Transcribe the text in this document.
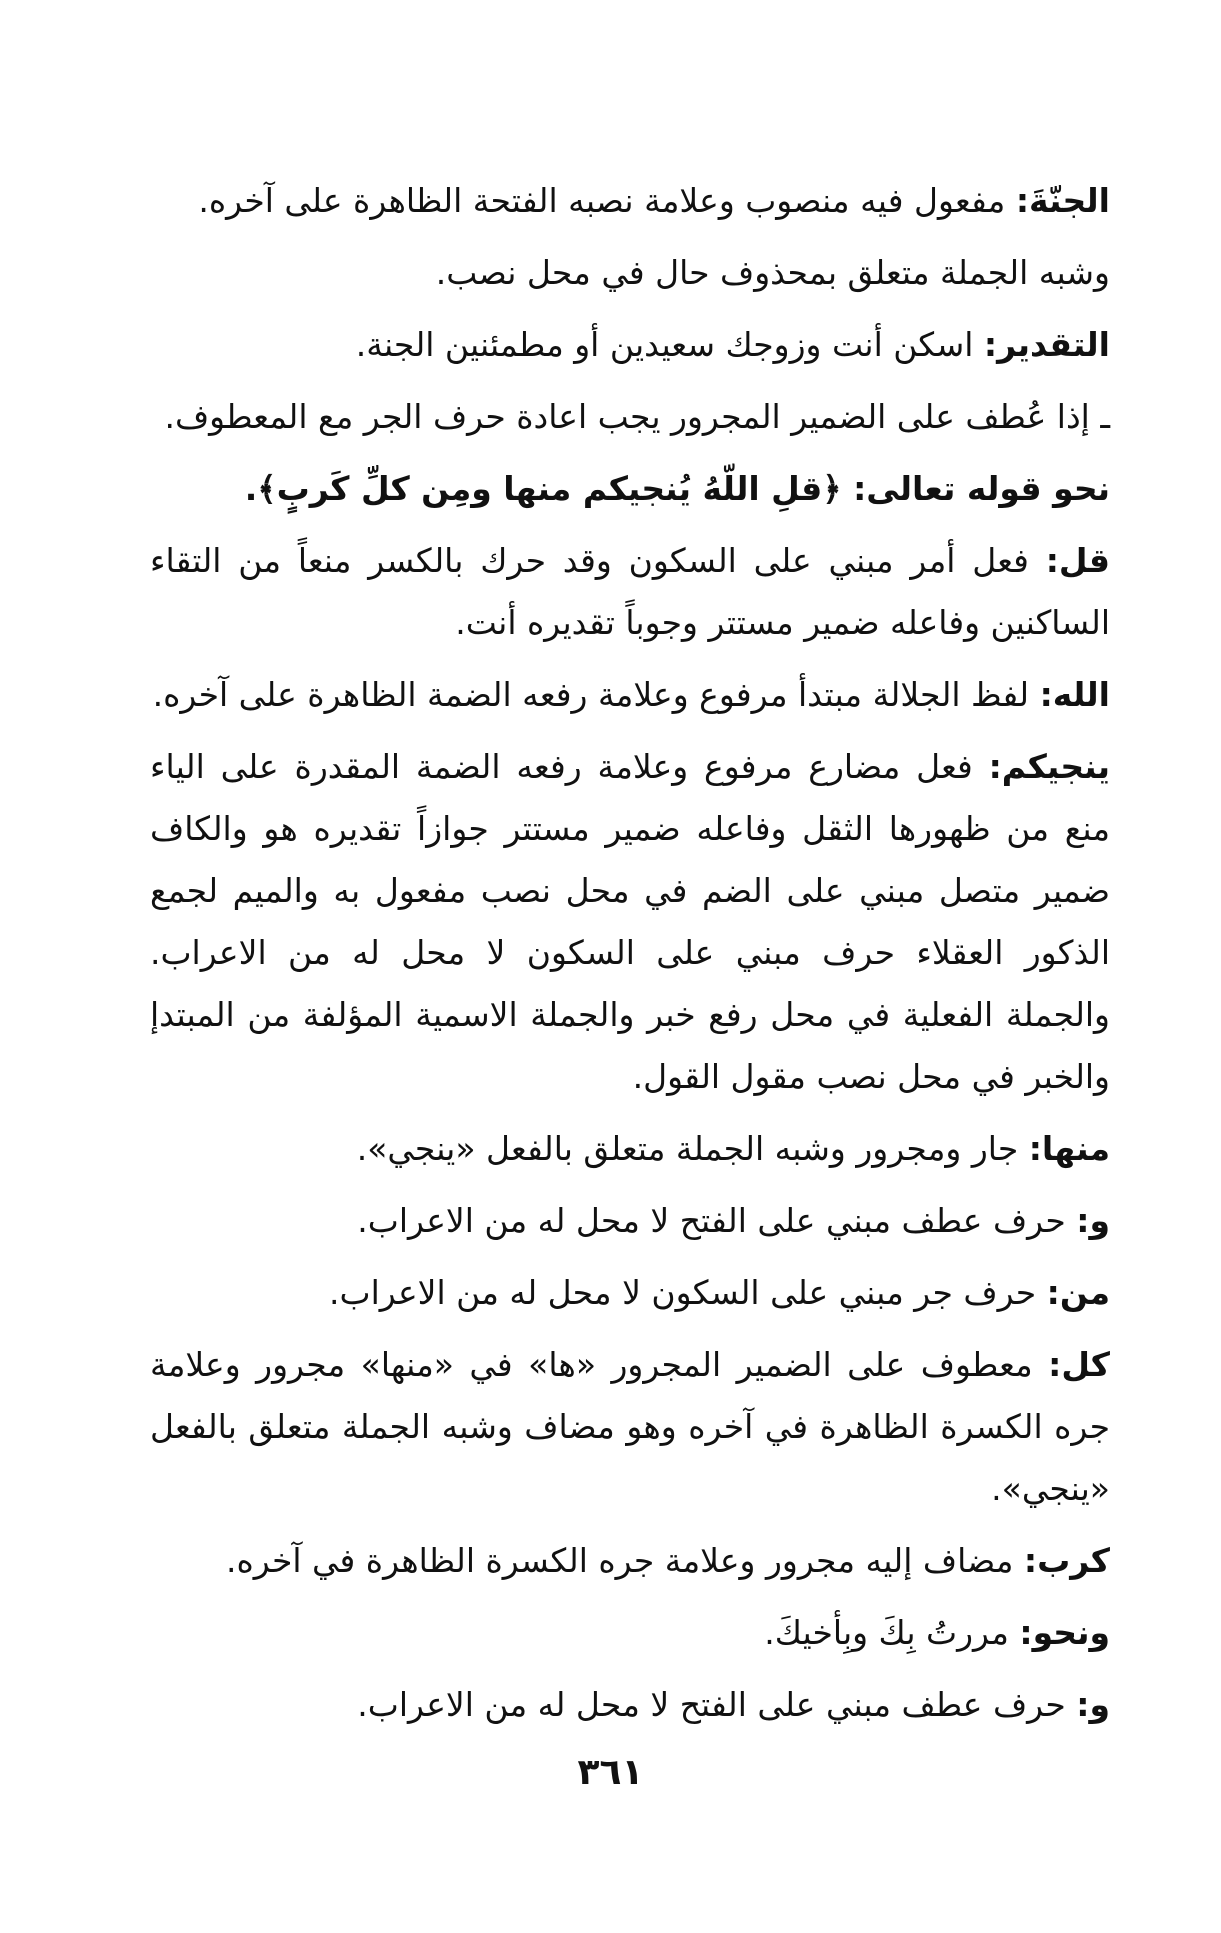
الجنّةَ: مفعول فيه منصوب وعلامة نصبه الفتحة الظاهرة على آخره.

وشبه الجملة متعلق بمحذوف حال في محل نصب.

التقدير: اسكن أنت وزوجك سعيدين أو مطمئنين الجنة.

ـ إذا عُطف على الضمير المجرور يجب اعادة حرف الجر مع المعطوف.

نحو قوله تعالى: ﴿قلِ اللّهُ يُنجيكم منها ومِن كلِّ كَربٍ﴾.

قل: فعل أمر مبني على السكون وقد حرك بالكسر منعاً من التقاء الساكنين وفاعله ضمير مستتر وجوباً تقديره أنت.

الله: لفظ الجلالة مبتدأ مرفوع وعلامة رفعه الضمة الظاهرة على آخره.

ينجيكم: فعل مضارع مرفوع وعلامة رفعه الضمة المقدرة على الياء منع من ظهورها الثقل وفاعله ضمير مستتر جوازاً تقديره هو والكاف ضمير متصل مبني على الضم في محل نصب مفعول به والميم لجمع الذكور العقلاء حرف مبني على السكون لا محل له من الاعراب. والجملة الفعلية في محل رفع خبر والجملة الاسمية المؤلفة من المبتدإ والخبر في محل نصب مقول القول.

منها: جار ومجرور وشبه الجملة متعلق بالفعل «ينجي».

و: حرف عطف مبني على الفتح لا محل له من الاعراب.

من: حرف جر مبني على السكون لا محل له من الاعراب.

كل: معطوف على الضمير المجرور «ها» في «منها» مجرور وعلامة جره الكسرة الظاهرة في آخره وهو مضاف وشبه الجملة متعلق بالفعل «ينجي».

كرب: مضاف إليه مجرور وعلامة جره الكسرة الظاهرة في آخره.

ونحو: مررتُ بِكَ وبِأخيكَ.

و: حرف عطف مبني على الفتح لا محل له من الاعراب.

٣٦١
